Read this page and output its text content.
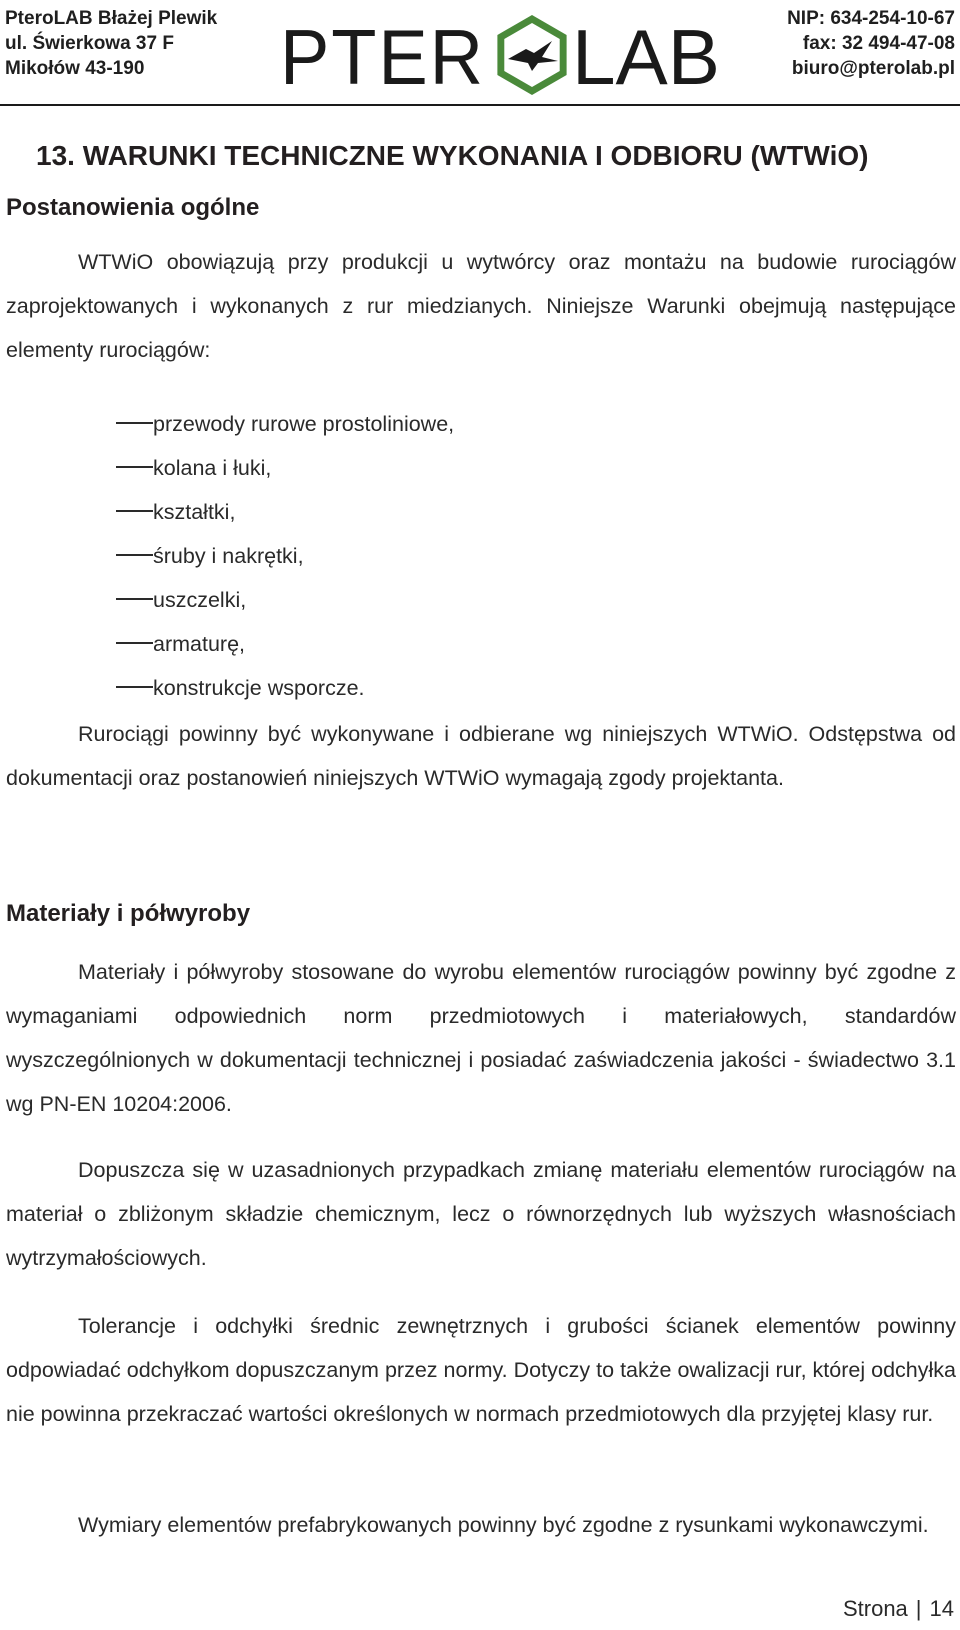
PteroLAB Błażej Plewik
ul. Świerkowa 37 F
Mikołów 43-190	PTER LAB	NIP: 634-254-10-67
fax: 32 494-47-08
biuro@pterolab.pl
13. WARUNKI TECHNICZNE WYKONANIA I ODBIORU (WTWiO)
Postanowienia ogólne

WTWiO obowiązują przy produkcji u wytwórcy oraz montażu na budowie rurociągów zaprojektowanych i wykonanych z rur miedzianych. Niniejsze Warunki obejmują następujące elementy rurociągów:

przewody rurowe prostoliniowe,
kolana i łuki,
kształtki,
śruby i nakrętki,
uszczelki,
armaturę,
konstrukcje wsporcze.

Rurociągi powinny być wykonywane i odbierane wg niniejszych WTWiO. Odstępstwa od dokumentacji oraz postanowień niniejszych WTWiO wymagają zgody projektanta.

Materiały i półwyroby

Materiały i półwyroby stosowane do wyrobu elementów rurociągów powinny być zgodne z wymaganiami odpowiednich norm przedmiotowych i materiałowych, standardów wyszczególnionych w dokumentacji technicznej i posiadać zaświadczenia jakości - świadectwo 3.1 wg PN-EN 10204:2006.

Dopuszcza się w uzasadnionych przypadkach zmianę materiału elementów rurociągów na materiał o zbliżonym składzie chemicznym, lecz o równorzędnych lub wyższych własnościach wytrzymałościowych.

Tolerancje i odchyłki średnic zewnętrznych i grubości ścianek elementów powinny odpowiadać odchyłkom dopuszczanym przez normy. Dotyczy to także owalizacji rur, której odchyłka nie powinna przekraczać wartości określonych w normach przedmiotowych dla przyjętej klasy rur.

Wymiary elementów prefabrykowanych powinny być zgodne z rysunkami wykonawczymi.

Strona | 14
